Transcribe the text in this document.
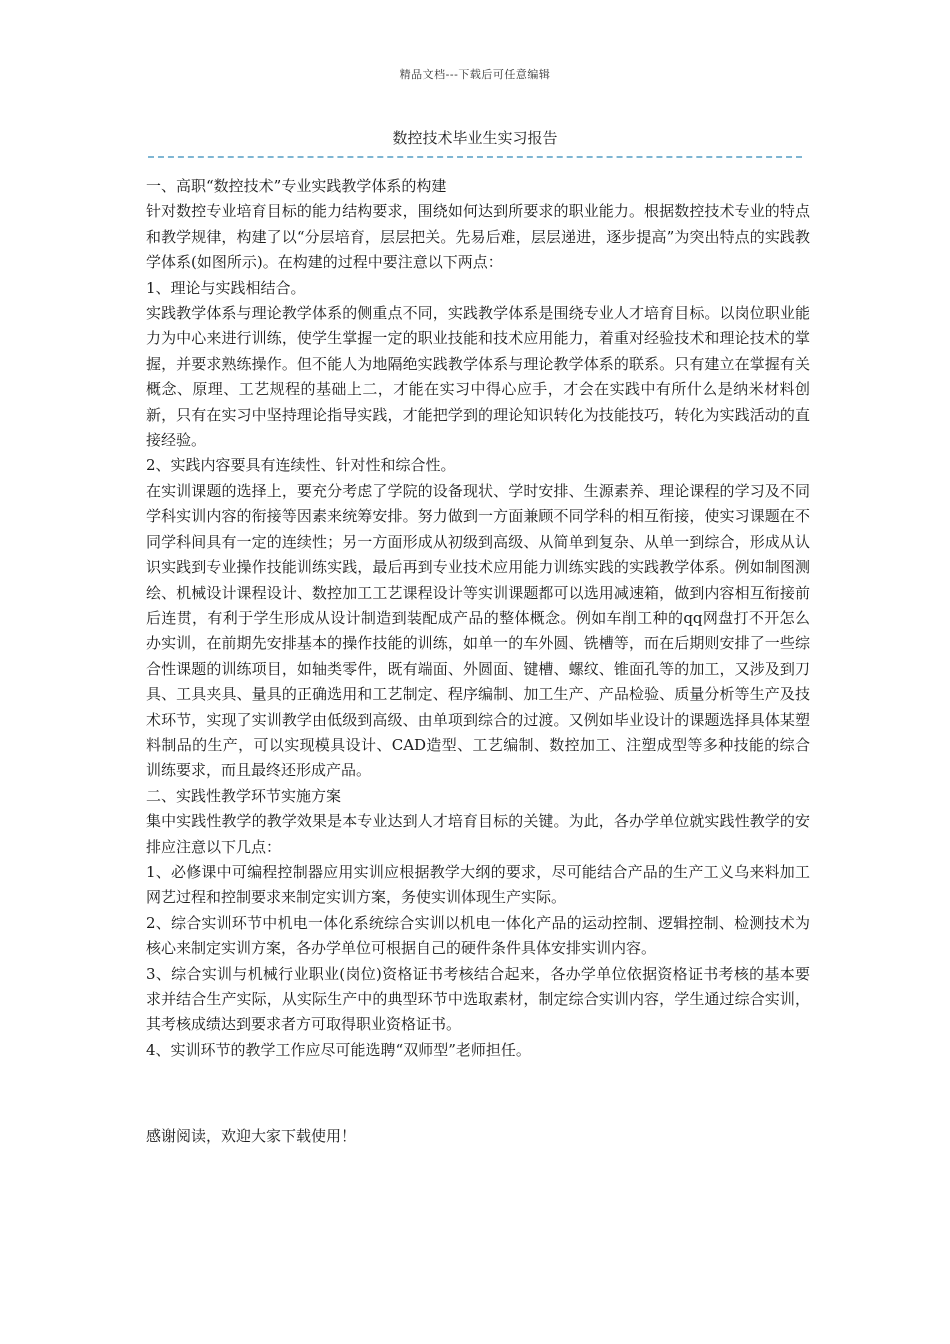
精品文档---下载后可任意编辑
数控技术毕业生实习报告

一、高职“数控技术”专业实践教学体系的构建

针对数控专业培育目标的能力结构要求，围绕如何达到所要求的职业能力。根据数控技术专业的特点和教学规律，构建了以“分层培育，层层把关。先易后难，层层递进，逐步提高”为突出特点的实践教学体系(如图所示)。在构建的过程中要注意以下两点：

1、理论与实践相结合。

实践教学体系与理论教学体系的侧重点不同，实践教学体系是围绕专业人才培育目标。以岗位职业能力为中心来进行训练，使学生掌握一定的职业技能和技术应用能力，着重对经验技术和理论技术的掌握，并要求熟练操作。但不能人为地隔绝实践教学体系与理论教学体系的联系。只有建立在掌握有关概念、原理、工艺规程的基础上二，才能在实习中得心应手，才会在实践中有所什么是纳米材料创新，只有在实习中坚持理论指导实践，才能把学到的理论知识转化为技能技巧，转化为实践活动的直接经验。

2、实践内容要具有连续性、针对性和综合性。

在实训课题的选择上，要充分考虑了学院的设备现状、学时安排、生源素养、理论课程的学习及不同学科实训内容的衔接等因素来统筹安排。努力做到一方面兼顾不同学科的相互衔接，使实习课题在不同学科间具有一定的连续性；另一方面形成从初级到高级、从简单到复杂、从单一到综合，形成从认识实践到专业操作技能训练实践，最后再到专业技术应用能力训练实践的实践教学体系。例如制图测绘、机械设计课程设计、数控加工工艺课程设计等实训课题都可以选用减速箱，做到内容相互衔接前后连贯，有利于学生形成从设计制造到装配成产品的整体概念。例如车削工种的qq网盘打不开怎么办实训，在前期先安排基本的操作技能的训练，如单一的车外圆、铣槽等，而在后期则安排了一些综合性课题的训练项目，如轴类零件，既有端面、外圆面、键槽、螺纹、锥面孔等的加工，又涉及到刀具、工具夹具、量具的正确选用和工艺制定、程序编制、加工生产、产品检验、质量分析等生产及技术环节，实现了实训教学由低级到高级、由单项到综合的过渡。又例如毕业设计的课题选择具体某塑料制品的生产，可以实现模具设计、CAD造型、工艺编制、数控加工、注塑成型等多种技能的综合训练要求，而且最终还形成产品。

二、实践性教学环节实施方案

集中实践性教学的教学效果是本专业达到人才培育目标的关键。为此，各办学单位就实践性教学的安排应注意以下几点：

1、必修课中可编程控制器应用实训应根据教学大纲的要求，尽可能结合产品的生产工义乌来料加工网艺过程和控制要求来制定实训方案，务使实训体现生产实际。

2、综合实训环节中机电一体化系统综合实训以机电一体化产品的运动控制、逻辑控制、检测技术为核心来制定实训方案，各办学单位可根据自己的硬件条件具体安排实训内容。

3、综合实训与机械行业职业(岗位)资格证书考核结合起来，各办学单位依据资格证书考核的基本要求并结合生产实际，从实际生产中的典型环节中选取素材，制定综合实训内容，学生通过综合实训，其考核成绩达到要求者方可取得职业资格证书。

4、实训环节的教学工作应尽可能选聘“双师型”老师担任。

感谢阅读，欢迎大家下载使用！
